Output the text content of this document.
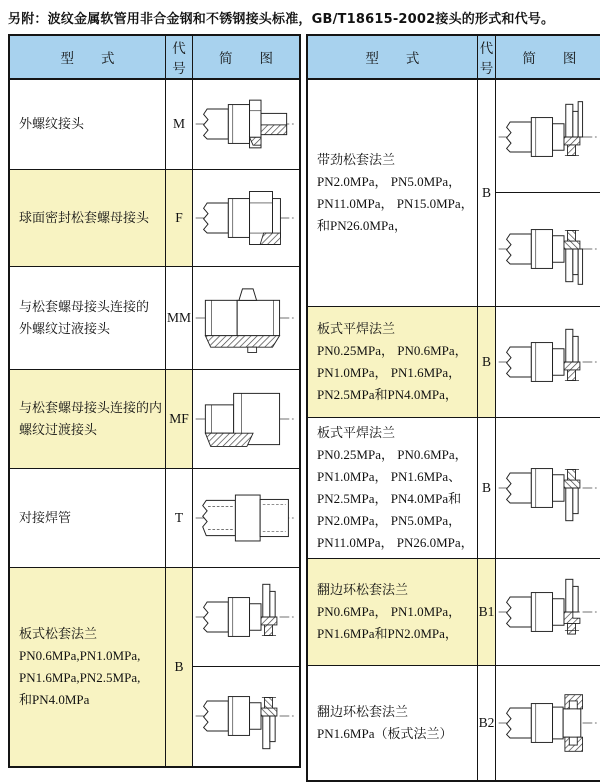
另附：波纹金属软管用非合金钢和不锈钢接头标准，GB/T18615-2002接头的形式和代号。
型　　式	代号	简　　图

外螺纹接头	M	

球面密封松套螺母接头	F	

与松套螺母接头连接的
外螺纹过液接头	MM	

与松套螺母接头连接的内
螺纹过渡接头	MF	

对接焊管	T	

板式松套法兰
PN0.6MPa,PN1.0MPa,
PN1.6MPa,PN2.5MPa,
和PN4.0MPa	B	
型　　式	代号	简　　图

带劲松套法兰
PN2.0MPa， PN5.0MPa，
PN11.0MPa， PN15.0MPa，
和PN26.0MPa，	B	

板式平焊法兰
PN0.25MPa， PN0.6MPa，
PN1.0MPa， PN1.6MPa，
PN2.5MPa和PN4.0MPa，	B	

板式平焊法兰
PN0.25MPa， PN0.6MPa，
PN1.0MPa， PN1.6MPa、
PN2.5MPa， PN4.0MPa和
PN2.0MPa， PN5.0MPa，
PN11.0MPa， PN26.0MPa，
	B	

翻边环松套法兰
PN0.6MPa， PN1.0MPa，
PN1.6MPa和PN2.0MPa，	B1	

翻边环松套法兰
PN1.6MPa（板式法兰）	B2	
